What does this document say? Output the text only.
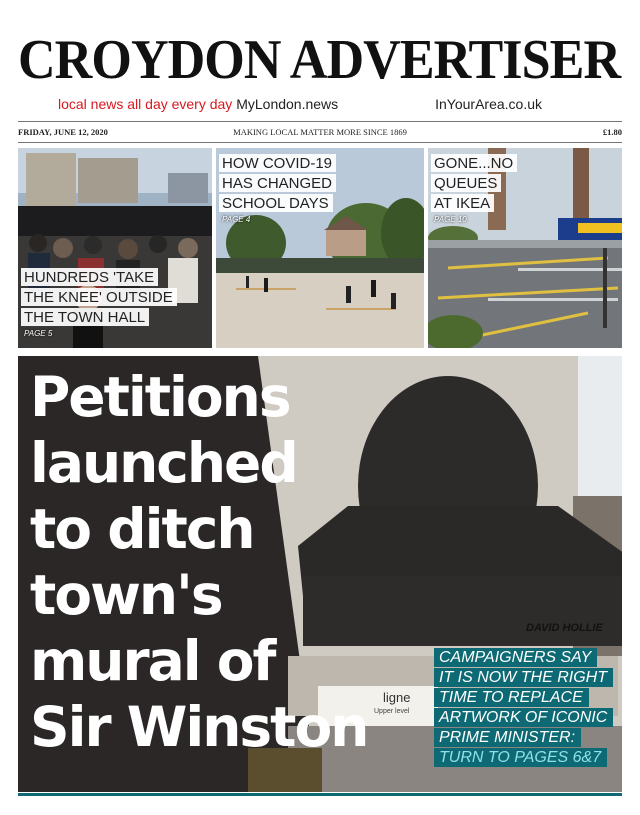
CROYDON ADVERTISER
local news all day every day MyLondon.news	InYourArea.co.uk
FRIDAY, JUNE 12, 2020	MAKING LOCAL MATTER MORE SINCE 1869	£1.80
HUNDREDS 'TAKE
THE KNEE' OUTSIDE
THE TOWN HALL
PAGE 5
HOW COVID-19
HAS CHANGED
SCHOOL DAYS
PAGE 4
GONE...NO
QUEUES
AT IKEA
PAGE 10
DAVID HOLLIE
ligne
Upper level
Petitions
launched
to ditch
town's
mural of
Sir Winston
CAMPAIGNERS SAY
IT IS NOW THE RIGHT
TIME TO REPLACE
ARTWORK OF ICONIC
PRIME MINISTER:
TURN TO PAGES 6&7
